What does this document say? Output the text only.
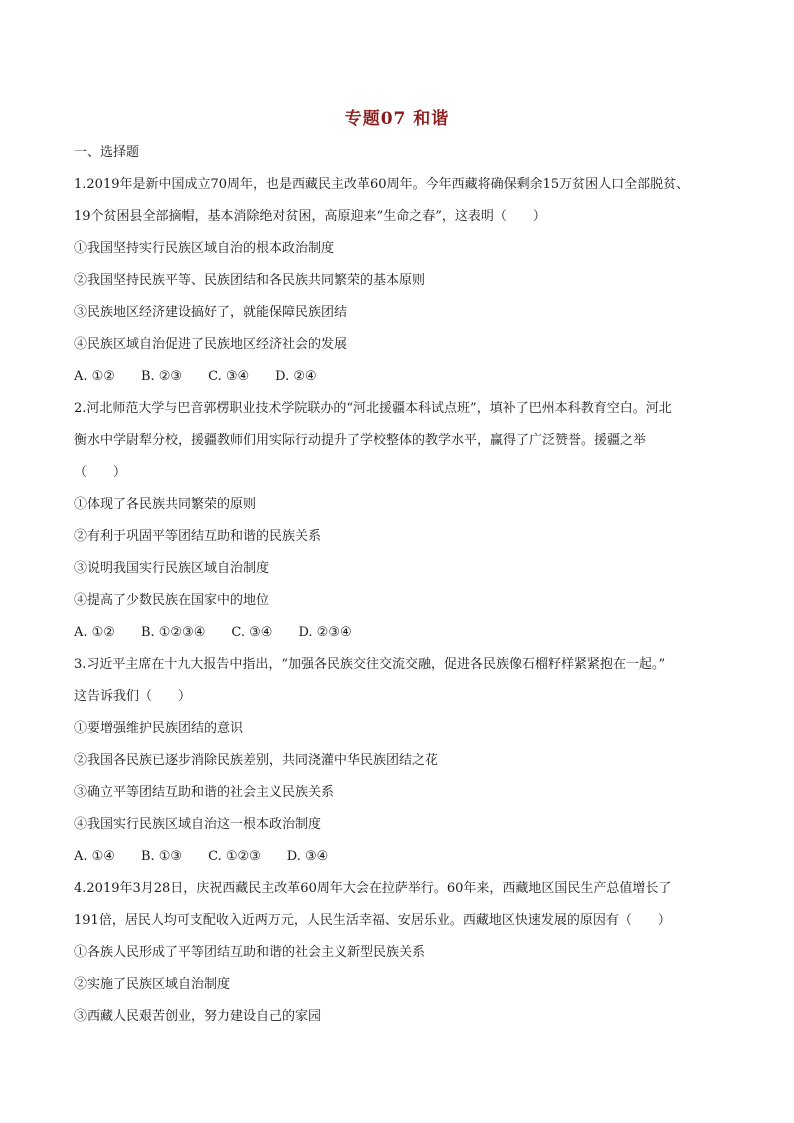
专题07 和谐
一、选择题
1.2019年是新中国成立70周年，也是西藏民主改革60周年。今年西藏将确保剩余15万贫困人口全部脱贫、
19个贫困县全部摘帽，基本消除绝对贫困，高原迎来“生命之春”，这表明（　　）
①我国坚持实行民族区域自治的根本政治制度
②我国坚持民族平等、民族团结和各民族共同繁荣的基本原则
③民族地区经济建设搞好了，就能保障民族团结
④民族区域自治促进了民族地区经济社会的发展
A. ①②　　B. ②③　　C. ③④　　D. ②④
2.河北师范大学与巴音郭楞职业技术学院联办的“河北援疆本科试点班”，填补了巴州本科教育空白。河北
衡水中学尉犁分校，援疆教师们用实际行动提升了学校整体的教学水平，赢得了广泛赞誉。援疆之举
（　　）
①体现了各民族共同繁荣的原则
②有利于巩固平等团结互助和谐的民族关系
③说明我国实行民族区域自治制度
④提高了少数民族在国家中的地位
A. ①②　　B. ①②③④　　C. ③④　　D. ②③④
3.习近平主席在十九大报告中指出，“加强各民族交往交流交融，促进各民族像石榴籽样紧紧抱在一起。”
这告诉我们（　　）
①要增强维护民族团结的意识
②我国各民族已逐步消除民族差别，共同浇灌中华民族团结之花
③确立平等团结互助和谐的社会主义民族关系
④我国实行民族区域自治这一根本政治制度
A. ①④　　B. ①③　　C. ①②③　　D. ③④
4.2019年3月28日，庆祝西藏民主改革60周年大会在拉萨举行。60年来，西藏地区国民生产总值增长了
191倍，居民人均可支配收入近两万元，人民生活幸福、安居乐业。西藏地区快速发展的原因有（　　）
①各族人民形成了平等团结互助和谐的社会主义新型民族关系
②实施了民族区域自治制度
③西藏人民艰苦创业，努力建设自己的家园
